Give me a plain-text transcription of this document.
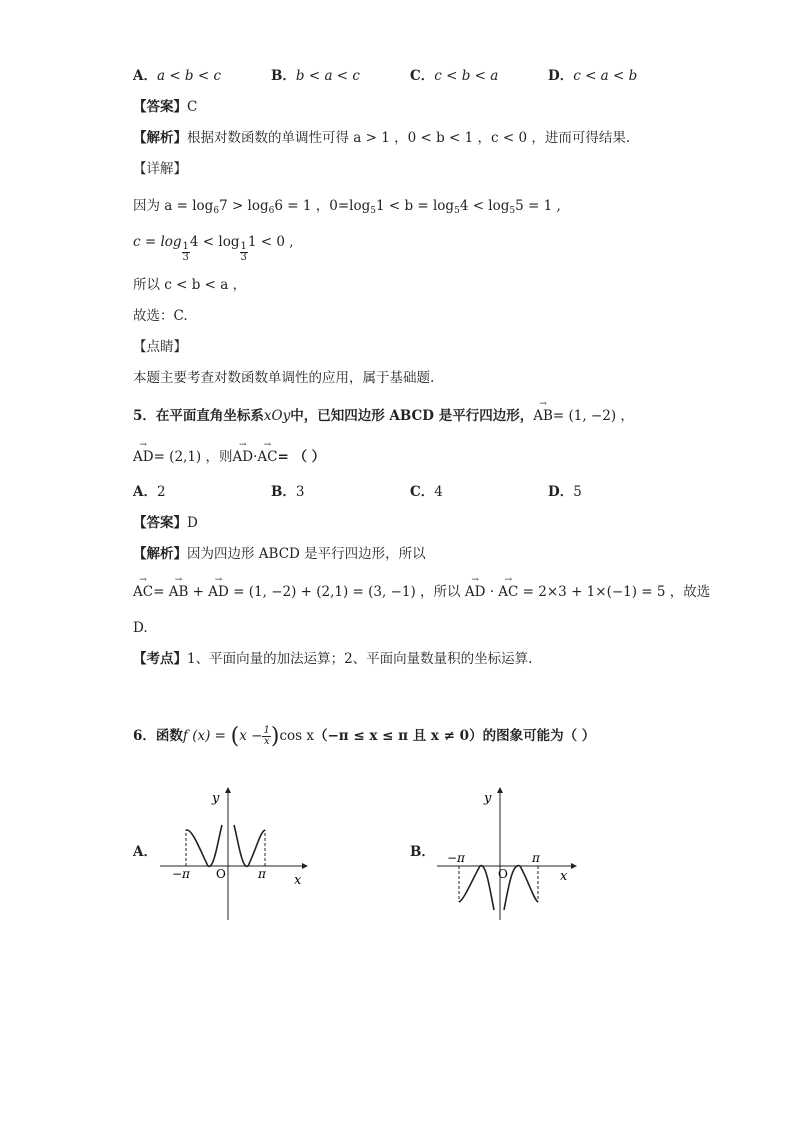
A．a < b < c	B．b < a < c	C．c < b < a	D．c < a < b
【答案】C
【解析】根据对数函数的单调性可得 a > 1 ，0 < b < 1 ，c < 0 ，进而可得结果.
【详解】
因为 $a = \log_67 > \log_66 = 1$ ，$0=\log_51 < b = \log_54 < \log_55 = 1$ ,
$c = \log \frac{1}{3} 4 < \log \frac{1}{3} 1 < 0$ ,
所以 c < b < a ，
故选：C.
【点睛】
本题主要考查对数函数单调性的应用，属于基础题.
5．在平面直角坐标系xOy中，已知四边形 ABCD 是平行四边形，→ AB= (1, −2) ，
→ AD= (2,1) ，则→ AD·→ AC= （ ）
A．2	B．3	C．4	D．5
【答案】D
【解析】因为四边形 ABCD 是平行四边形，所以
→ AC= → AB + → AD = (1, −2) + (2,1) = (3, −1) ，所以 → AD · → AC = 2×3 + 1×(−1) = 5 ，故选
D.
【考点】1、平面向量的加法运算；2、平面向量数量积的坐标运算.
6．函数f $(x) = (x - \frac{1}{x} )\cos$ x（−π ≤ x ≤ π 且 x ≠ 0）的图象可能为（ ）
A．
y
x
O
−π	π
B．
y
x
O
−π	π
